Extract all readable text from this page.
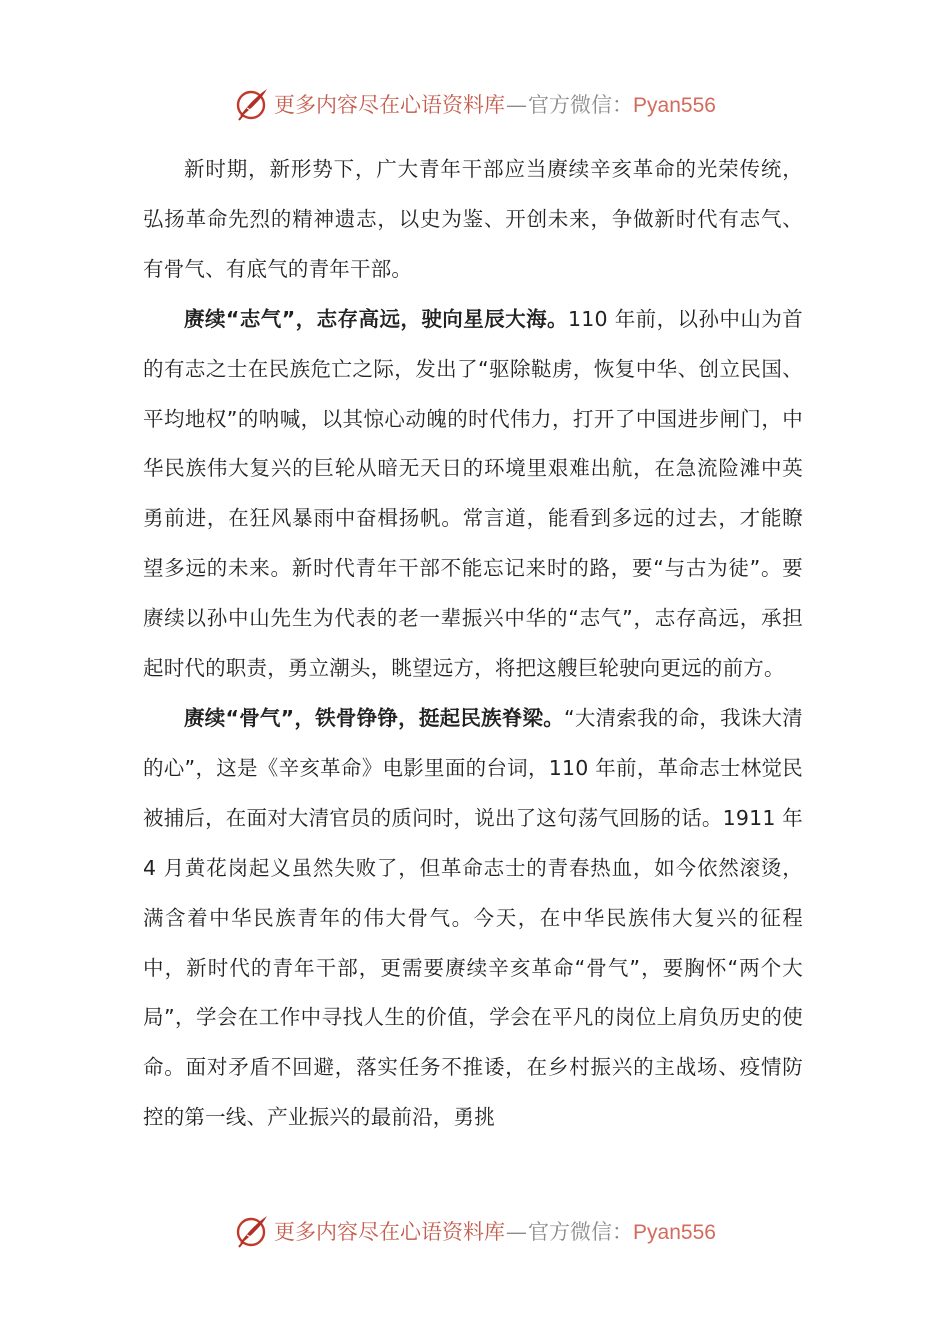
更多内容尽在心语资料库—官方微信：Pyan556

新时期，新形势下，广大青年干部应当赓续辛亥革命的光荣传统，弘扬革命先烈的精神遗志，以史为鉴、开创未来，争做新时代有志气、有骨气、有底气的青年干部。

赓续“志气”，志存高远，驶向星辰大海。110 年前，以孙中山为首的有志之士在民族危亡之际，发出了“驱除鞑虏，恢复中华、创立民国、平均地权”的呐喊，以其惊心动魄的时代伟力，打开了中国进步闸门，中华民族伟大复兴的巨轮从暗无天日的环境里艰难出航，在急流险滩中英勇前进，在狂风暴雨中奋楫扬帆。常言道，能看到多远的过去，才能瞭望多远的未来。新时代青年干部不能忘记来时的路，要“与古为徒”。要赓续以孙中山先生为代表的老一辈振兴中华的“志气”，志存高远，承担起时代的职责，勇立潮头，眺望远方，将把这艘巨轮驶向更远的前方。

赓续“骨气”，铁骨铮铮，挺起民族脊梁。“大清索我的命，我诛大清的心”，这是《辛亥革命》电影里面的台词，110 年前，革命志士林觉民被捕后，在面对大清官员的质问时，说出了这句荡气回肠的话。1911 年 4 月黄花岗起义虽然失败了，但革命志士的青春热血，如今依然滚烫，满含着中华民族青年的伟大骨气。今天，在中华民族伟大复兴的征程中，新时代的青年干部，更需要赓续辛亥革命“骨气”，要胸怀“两个大局”，学会在工作中寻找人生的价值，学会在平凡的岗位上肩负历史的使命。面对矛盾不回避，落实任务不推诿，在乡村振兴的主战场、疫情防控的第一线、产业振兴的最前沿，勇挑

更多内容尽在心语资料库—官方微信：Pyan556
